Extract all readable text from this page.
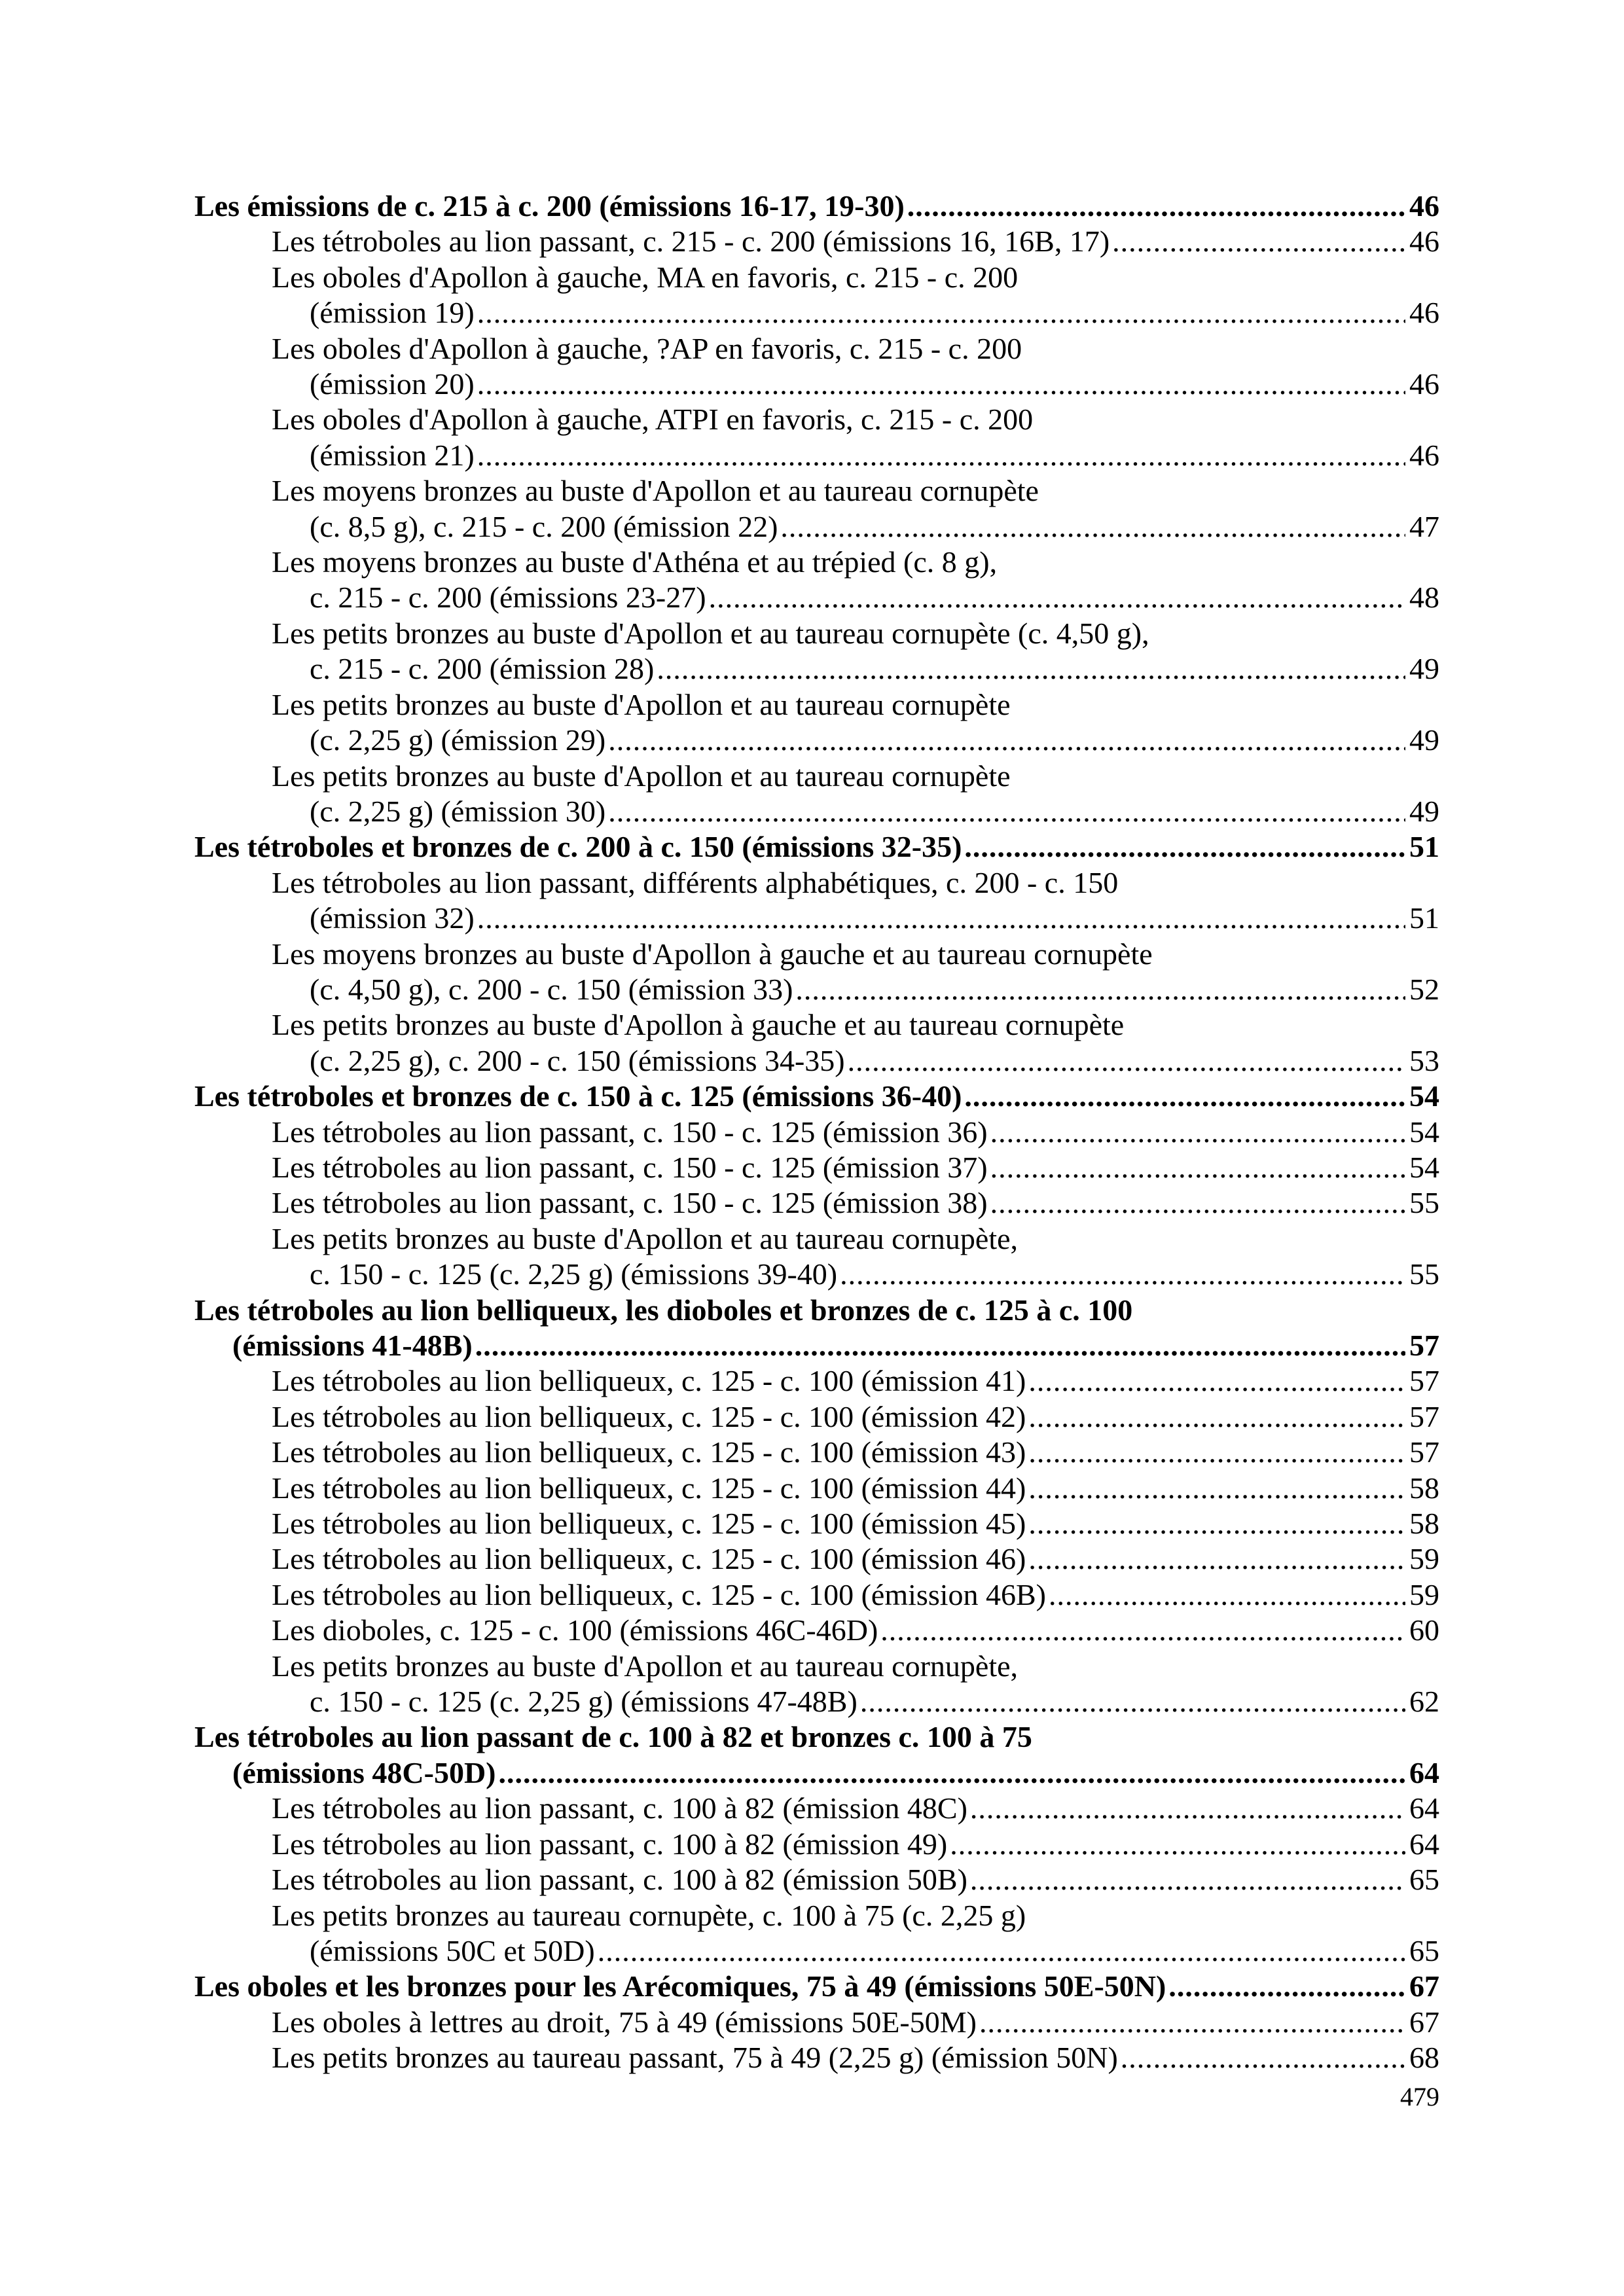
Les émissions de c. 215 à c. 200 (émissions 16-17, 19-30) .....	46
Les tétroboles au lion passant, c. 215 - c. 200 (émissions 16, 16B, 17) .....	46
Les oboles d'Apollon à gauche, MA en favoris, c. 215 - c. 200
(émission 19) .....	46
Les oboles d'Apollon à gauche, ?AP en favoris, c. 215 - c. 200
(émission 20) .....	46
Les oboles d'Apollon à gauche, ATPI en favoris, c. 215 - c. 200
(émission 21) .....	46
Les moyens bronzes au buste d'Apollon et au taureau cornupète
(c. 8,5 g), c. 215 - c. 200 (émission 22) .....	47
Les moyens bronzes au buste d'Athéna et au trépied (c. 8 g),
c. 215 - c. 200 (émissions 23-27) .....	48
Les petits bronzes au buste d'Apollon et au taureau cornupète (c. 4,50 g),
c. 215 - c. 200 (émission 28) .....	49
Les petits bronzes au buste d'Apollon et au taureau cornupète
(c. 2,25 g) (émission 29) .....	49
Les petits bronzes au buste d'Apollon et au taureau cornupète
(c. 2,25 g) (émission 30) .....	49
Les tétroboles et bronzes de c. 200 à c. 150 (émissions 32-35) .....	51
Les tétroboles au lion passant, différents alphabétiques, c. 200 - c. 150
(émission 32) .....	51
Les moyens bronzes au buste d'Apollon à gauche et au taureau cornupète
(c. 4,50 g), c. 200 - c. 150 (émission 33) .....	52
Les petits bronzes au buste d'Apollon à gauche et au taureau cornupète
(c. 2,25 g), c. 200 - c. 150 (émissions 34-35) .....	53
Les tétroboles et bronzes de c. 150 à c. 125 (émissions 36-40) .....	54
Les tétroboles au lion passant, c. 150 - c. 125 (émission 36) .....	54
Les tétroboles au lion passant, c. 150 - c. 125 (émission 37) .....	54
Les tétroboles au lion passant, c. 150 - c. 125 (émission 38) .....	55
Les petits bronzes au buste d'Apollon et au taureau cornupète,
c. 150 - c. 125 (c. 2,25 g) (émissions 39-40) .....	55
Les tétroboles au lion belliqueux, les dioboles et bronzes de c. 125 à c. 100
(émissions 41-48B) .....	57
Les tétroboles au lion belliqueux, c. 125 - c. 100 (émission 41) .....	57
Les tétroboles au lion belliqueux, c. 125 - c. 100 (émission 42) .....	57
Les tétroboles au lion belliqueux, c. 125 - c. 100 (émission 43) .....	57
Les tétroboles au lion belliqueux, c. 125 - c. 100 (émission 44) .....	58
Les tétroboles au lion belliqueux, c. 125 - c. 100 (émission 45) .....	58
Les tétroboles au lion belliqueux, c. 125 - c. 100 (émission 46) .....	59
Les tétroboles au lion belliqueux, c. 125 - c. 100 (émission 46B) .....	59
Les dioboles, c. 125 - c. 100 (émissions 46C-46D) .....	60
Les petits bronzes au buste d'Apollon et au taureau cornupète,
c. 150 - c. 125 (c. 2,25 g) (émissions 47-48B) .....	62
Les tétroboles au lion passant de c. 100 à 82 et bronzes c. 100 à 75
(émissions 48C-50D) .....	64
Les tétroboles au lion passant, c. 100 à 82 (émission 48C) .....	64
Les tétroboles au lion passant, c. 100 à 82 (émission 49) .....	64
Les tétroboles au lion passant, c. 100 à 82 (émission 50B) .....	65
Les petits bronzes au taureau cornupète, c. 100 à 75 (c. 2,25 g)
(émissions 50C et 50D) .....	65
Les oboles et les bronzes pour les Arécomiques, 75 à 49 (émissions 50E-50N) .....	67
Les oboles à lettres au droit, 75 à 49 (émissions 50E-50M) .....	67
Les petits bronzes au taureau passant, 75 à 49 (2,25 g) (émission 50N) .....	68
479
